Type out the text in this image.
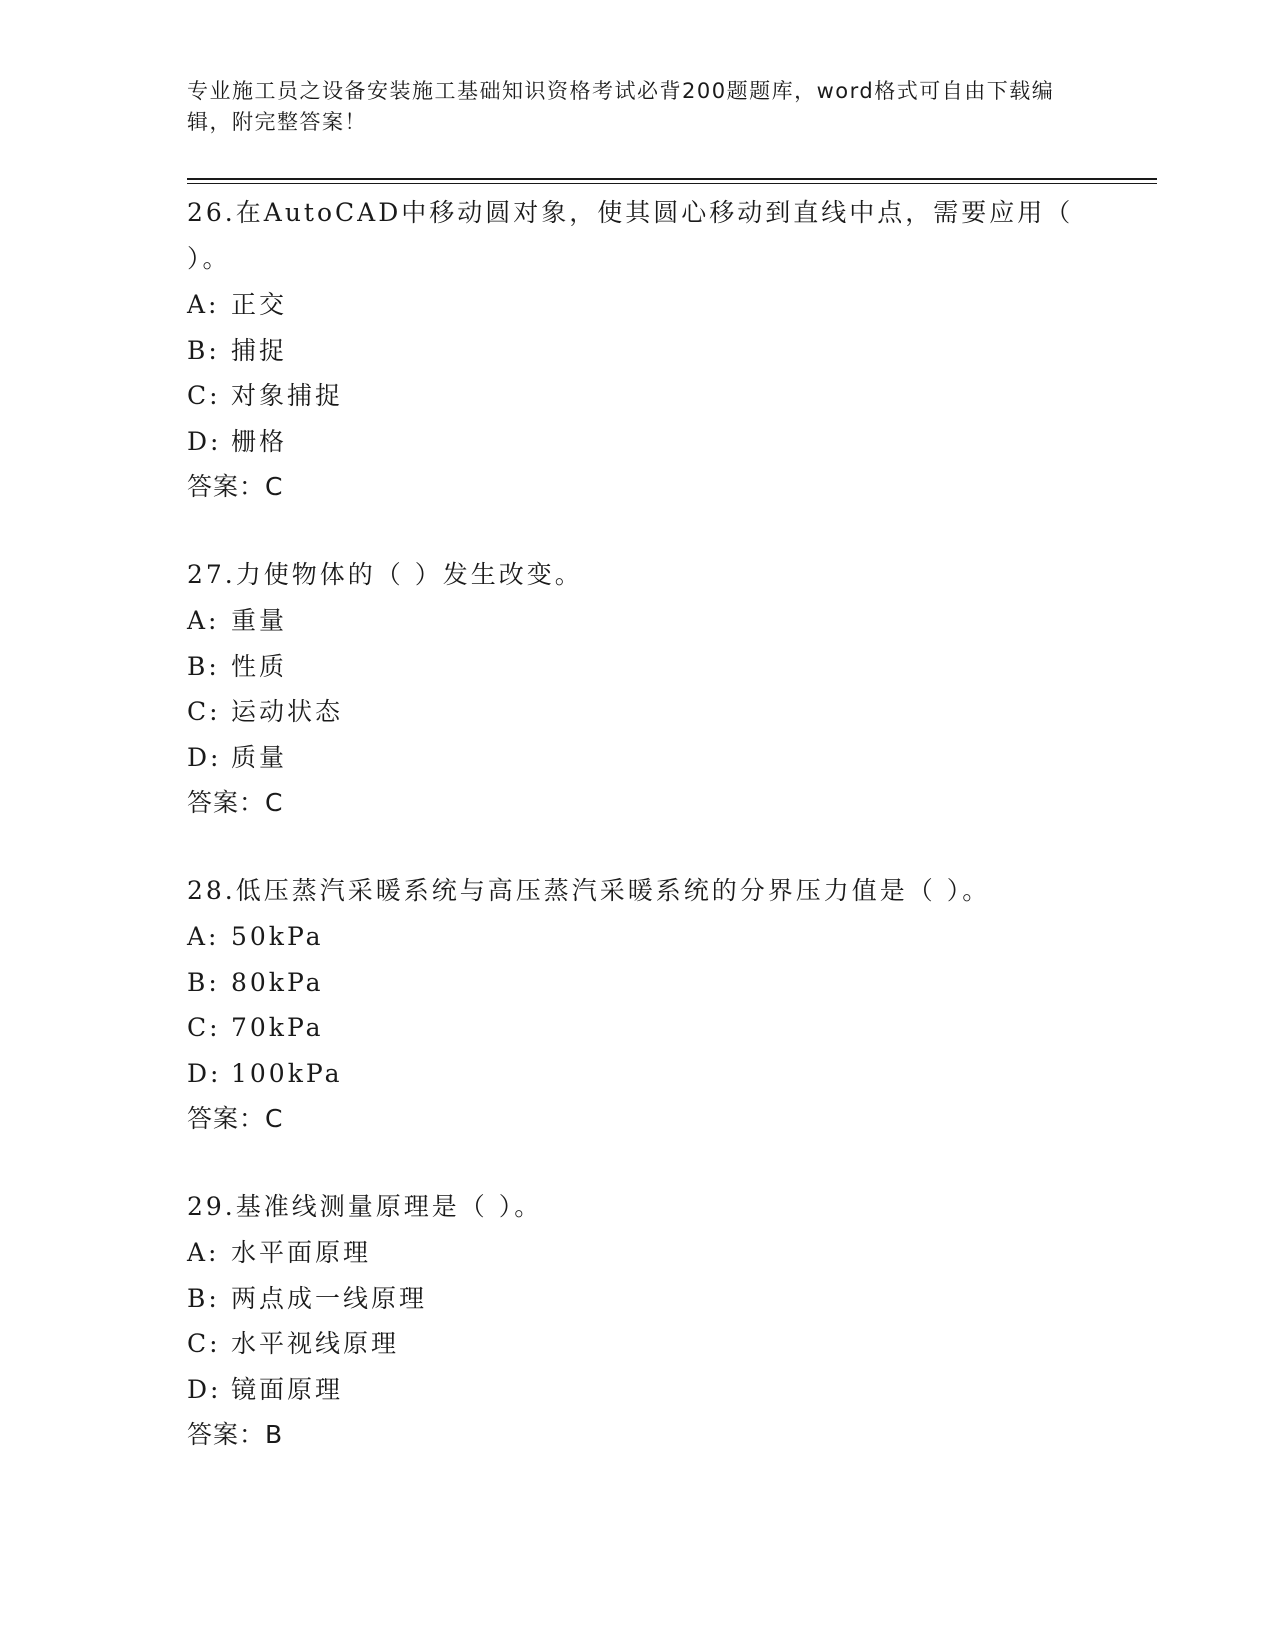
专业施工员之设备安装施工基础知识资格考试必背200题题库，word格式可自由下载编辑，附完整答案！
26.在AutoCAD中移动圆对象，使其圆心移动到直线中点，需要应用（ ）。
A: 正交
B: 捕捉
C: 对象捕捉
D: 栅格
答案：C
27.力使物体的（ ）发生改变。
A: 重量
B: 性质
C: 运动状态
D: 质量
答案：C
28.低压蒸汽采暖系统与高压蒸汽采暖系统的分界压力值是（ ）。
A: 50kPa
B: 80kPa
C: 70kPa
D: 100kPa
答案：C
29.基准线测量原理是（ ）。
A: 水平面原理
B: 两点成一线原理
C: 水平视线原理
D: 镜面原理
答案：B
